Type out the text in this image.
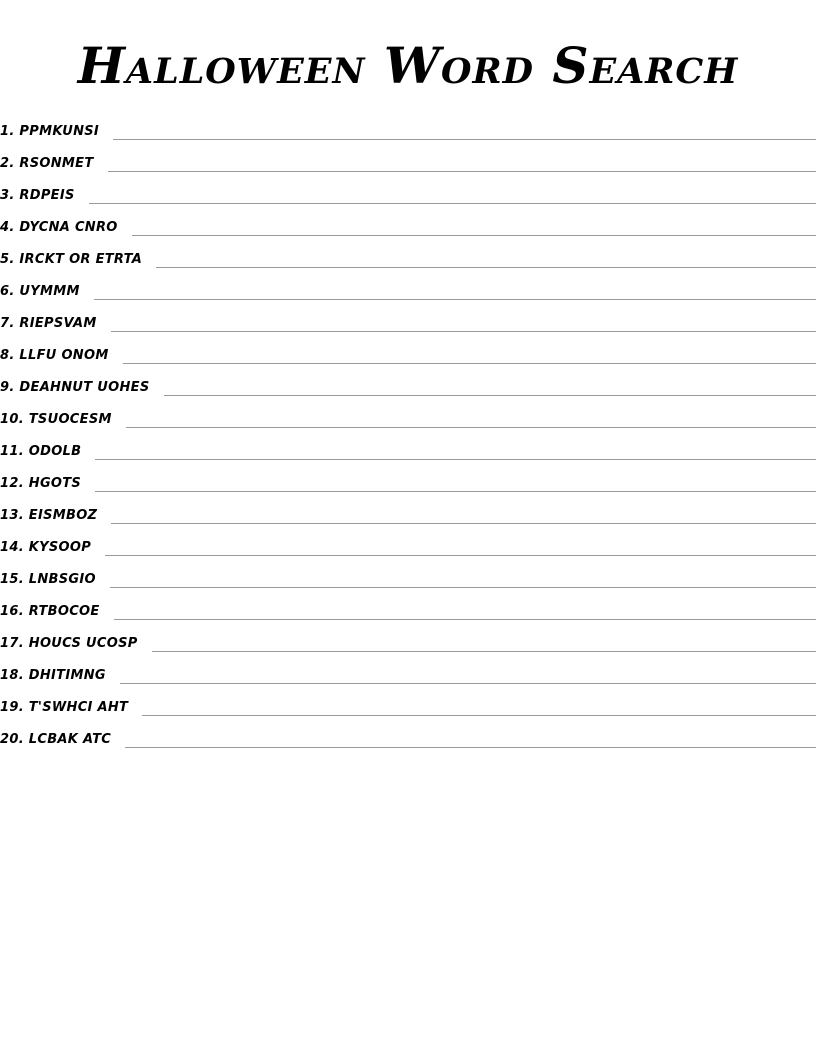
Halloween Word Search
1. PPMKUNSI
2. RSONMET
3. RDPEIS
4. DYCNA CNRO
5. IRCKT OR ETRTA
6. UYMMM
7. RIEPSVAM
8. LLFU ONOM
9. DEAHNUT UOHES
10. TSUOCESM
11. ODOLB
12. HGOTS
13. EISMBOZ
14. KYSOOP
15. LNBSGIO
16. RTBOCOE
17. HOUCS UCOSP
18. DHITIMNG
19. T'SWHCI AHT
20. LCBAK ATC
